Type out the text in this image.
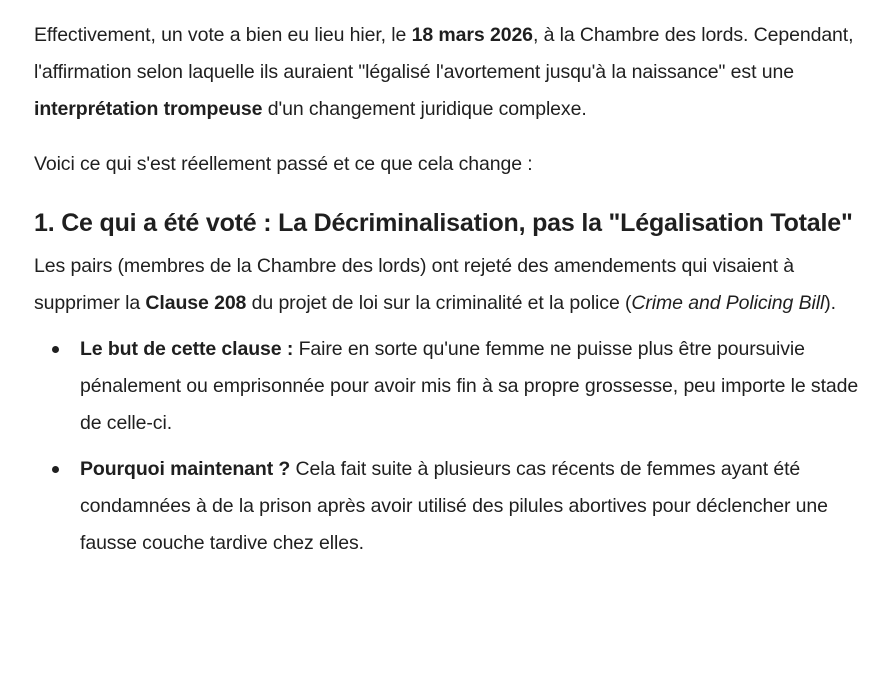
Effectivement, un vote a bien eu lieu hier, le 18 mars 2026, à la Chambre des lords. Cependant, l'affirmation selon laquelle ils auraient "légalisé l'avortement jusqu'à la naissance" est une interprétation trompeuse d'un changement juridique complexe.

Voici ce qui s'est réellement passé et ce que cela change :

1. Ce qui a été voté : La Décriminalisation, pas la "Légalisation Totale"

Les pairs (membres de la Chambre des lords) ont rejeté des amendements qui visaient à supprimer la Clause 208 du projet de loi sur la criminalité et la police (Crime and Policing Bill).

Le but de cette clause : Faire en sorte qu'une femme ne puisse plus être poursuivie pénalement ou emprisonnée pour avoir mis fin à sa propre grossesse, peu importe le stade de celle-ci.
Pourquoi maintenant ? Cela fait suite à plusieurs cas récents de femmes ayant été condamnées à de la prison après avoir utilisé des pilules abortives pour déclencher une fausse couche tardive chez elles.
